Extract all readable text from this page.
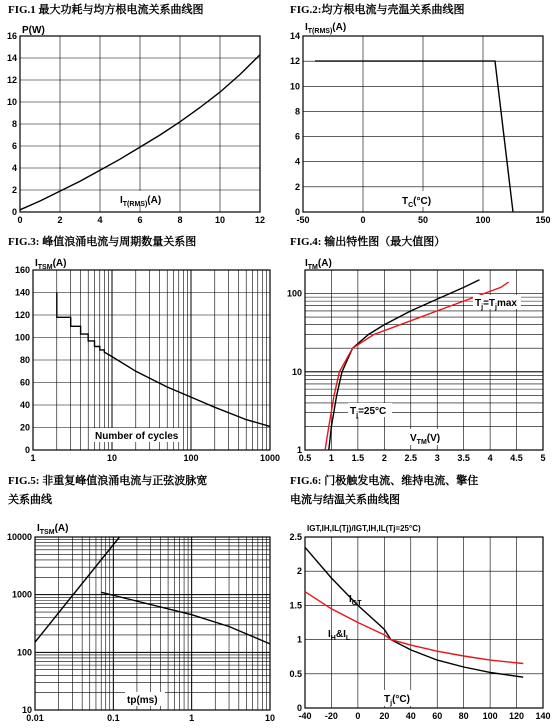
0	2	4	6	8	10	12
0
2
4
6
8
10
12
14
16 P(W)
$I_{T(RMS)}(A)$
FIG.1 最大功耗与均方根电流关系曲线图
-50	0	50	100	150
0
2
4
6
8
10
12
14
$I_{T(RMS)}(A)$
$T_C(^\circ C)$
FIG.2:均方根电流与壳温关系曲线图
1	10	100	1000
0
20
40
60
80
100
120
140
160
$I_{TSM}(A)$
Number of cycles
FIG.3: 峰值浪涌电流与周期数量关系图
0.5 1 1.5 2 2.5 3 3.5 4 4.5 5
1
10
100
$I_{TM}(A)$
$V_{TM}(V)$
$T_j=25^\circ C$
$T_j=T_j\max$
FIG.4: 输出特性图（最大值图）
0.01	0.1	1	10
10
100
1000
10000
$I_{TSM}(A)$
tp(ms)
FIG.5: 非重复峰值浪涌电流与正弦波脉宽
关系曲线
-40 -20 0 20 40 60 80 100 120 140
0
0.5
1
1.5
2
2.5
IGT,IH,IL(Tj)/IGT,IH,IL(Tj=25°C)
$I_{GT}$
$I_H\&I_L$
$T_j(^\circ C)$
FIG.6: 门极触发电流、维持电流、擎住
电流与结温关系曲线图
